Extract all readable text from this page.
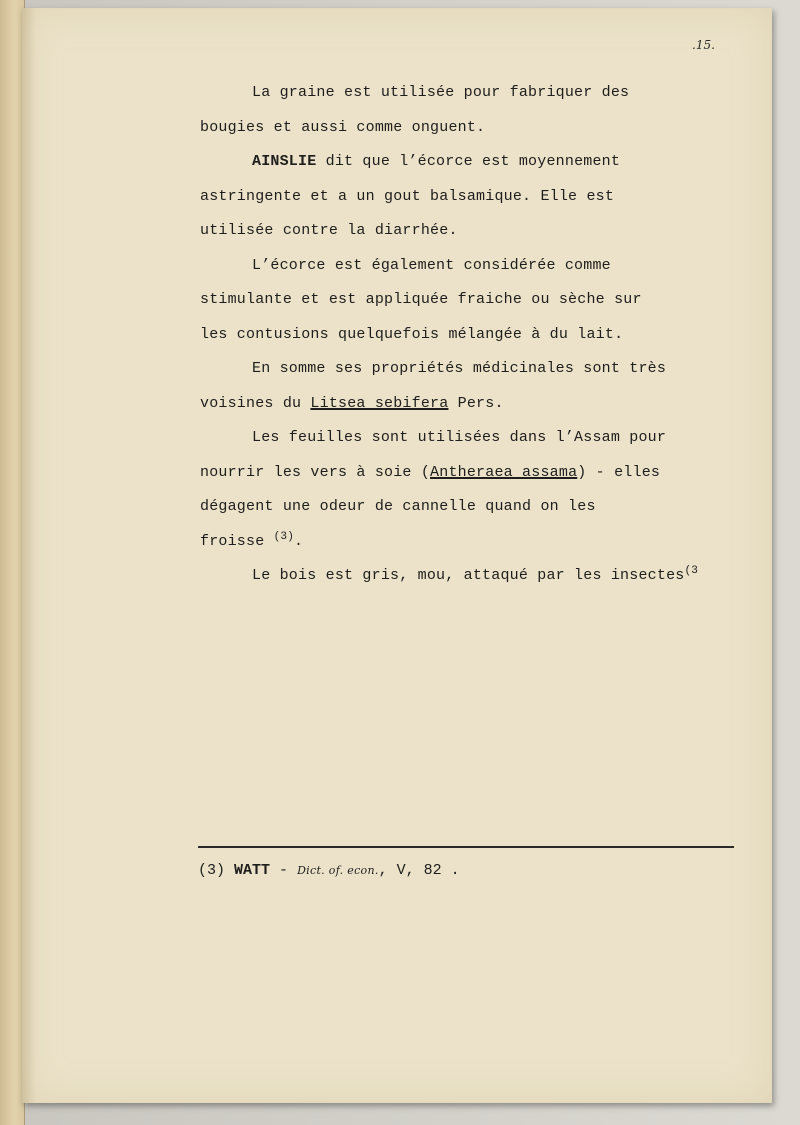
.15.
La graine est utilisée pour fabriquer des
bougies et aussi comme onguent.
AINSLIE dit que l’écorce est moyennement
astringente et a un gout balsamique. Elle est
utilisée contre la diarrhée.
L’écorce est également considérée comme
stimulante et est appliquée fraiche ou sèche sur
les contusions quelquefois mélangée à du lait.
En somme ses propriétés médicinales sont très
voisines du Litsea sebifera Pers.
Les feuilles sont utilisées dans l’Assam pour
nourrir les vers à soie (Antheraea assama) - elles
dégagent une odeur de cannelle quand on les
froisse $^{(3)}$.
Le bois est gris, mou, attaqué par les insectes$^{(3}$
(3) WATT - Dict. of. econ., V, 82 .
